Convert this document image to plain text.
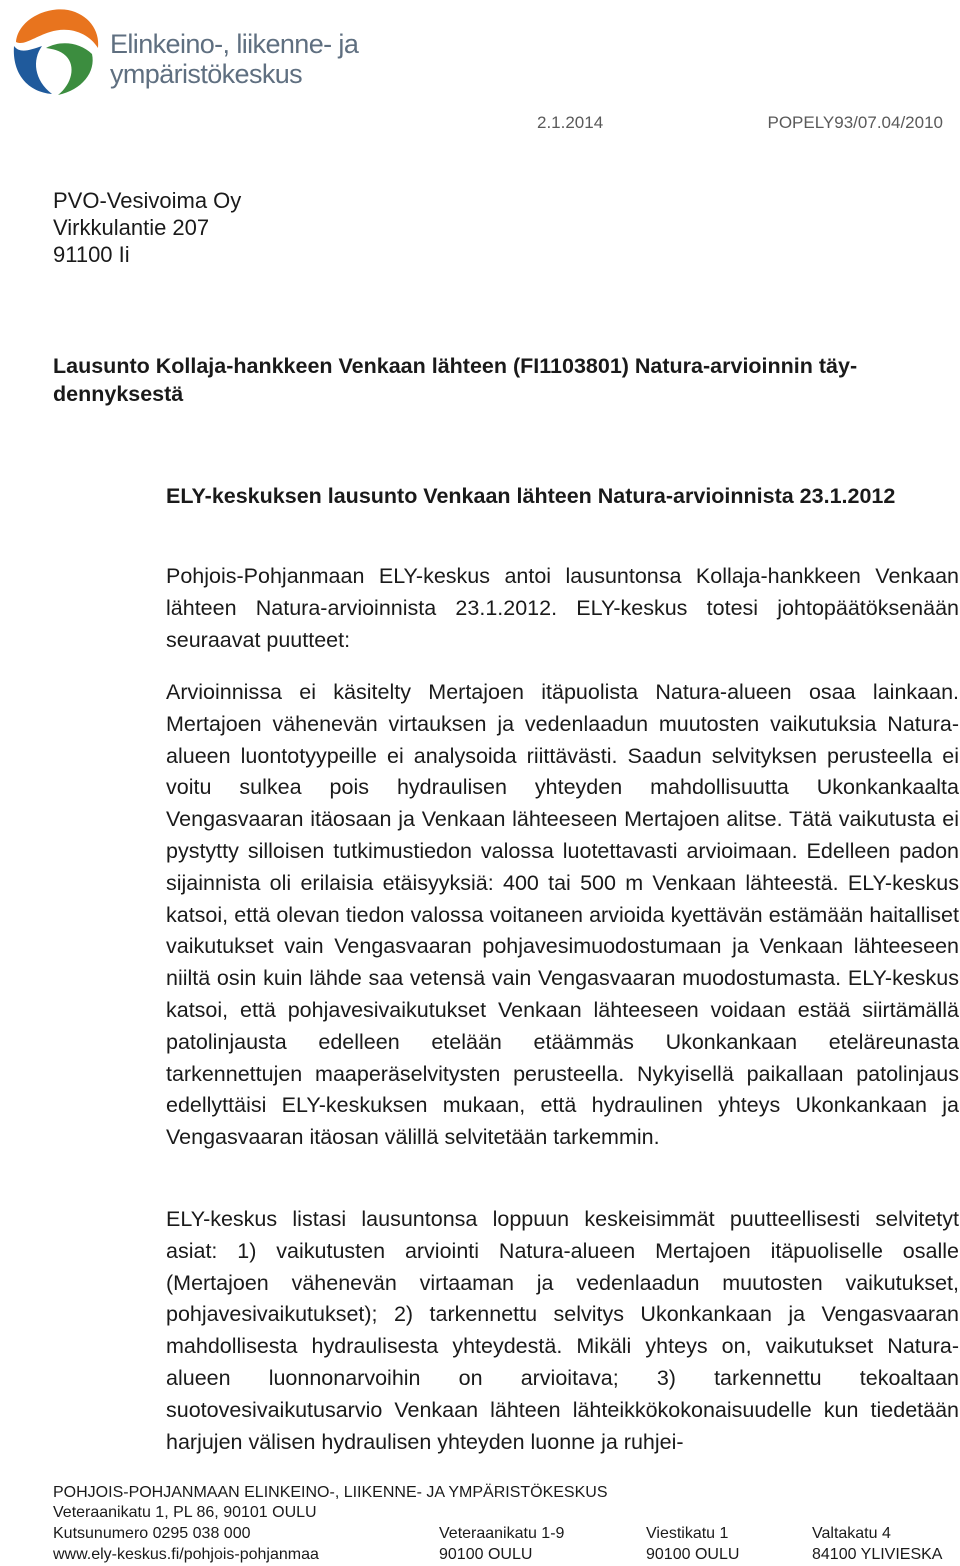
Elinkeino-, liikenne- ja
ympäristökeskus
2.1.2014	POPELY93/07.04/2010
PVO-Vesivoima Oy
Virkkulantie 207
91100 Ii
Lausunto Kollaja-hankkeen Venkaan lähteen (FI1103801) Natura-arvioinnin täydennyksestä
ELY-keskuksen lausunto Venkaan lähteen Natura-arvioinnista 23.1.2012

Pohjois-Pohjanmaan ELY-keskus antoi lausuntonsa Kollaja-hankkeen Venkaan lähteen Natura-arvioinnista 23.1.2012. ELY-keskus totesi johtopäätöksenään seuraavat puutteet:

Arvioinnissa ei käsitelty Mertajoen itäpuolista Natura-alueen osaa lainkaan. Mertajoen vähenevän virtauksen ja vedenlaadun muutosten vaikutuksia Natura-alueen luontotyypeille ei analysoida riittävästi. Saadun selvityksen perusteella ei voitu sulkea pois hydraulisen yhteyden mahdollisuutta Ukonkankaalta Vengasvaaran itäosaan ja Venkaan lähteeseen Mertajoen alitse. Tätä vaikutusta ei pystytty silloisen tutkimustiedon valossa luotettavasti arvioimaan. Edelleen padon sijainnista oli erilaisia etäisyyksiä: 400 tai 500 m Venkaan lähteestä. ELY-keskus katsoi, että olevan tiedon valossa voitaneen arvioida kyettävän estämään haitalliset vaikutukset vain Vengasvaaran pohjavesimuodostumaan ja Venkaan lähteeseen niiltä osin kuin lähde saa vetensä vain Vengasvaaran muodostumasta. ELY-keskus katsoi, että pohjavesivaikutukset Venkaan lähteeseen voidaan estää siirtämällä patolinjausta edelleen etelään etäämmäs Ukonkankaan eteläreunasta tarkennettujen maaperäselvitysten perusteella. Nykyisellä paikallaan patolinjaus edellyttäisi ELY-keskuksen mukaan, että hydraulinen yhteys Ukonkankaan ja Vengasvaaran itäosan välillä selvitetään tarkemmin.

ELY-keskus listasi lausuntonsa loppuun keskeisimmät puutteellisesti selvitetyt asiat: 1) vaikutusten arviointi Natura-alueen Mertajoen itäpuoliselle osalle (Mertajoen vähenevän virtaaman ja vedenlaadun muutosten vaikutukset, pohjavesivaikutukset); 2) tarkennettu selvitys Ukonkankaan ja Vengasvaaran mahdollisesta hydraulisesta yhteydestä. Mikäli yhteys on, vaikutukset Natura-alueen luonnonarvoihin on arvioitava; 3) tarkennettu tekoaltaan suotovesivaikutusarvio Venkaan lähteen lähteikkökokonaisuudelle kun tiedetään harjujen välisen hydraulisen yhteyden luonne ja ruhjei-

POHJOIS-POHJANMAAN ELINKEINO-, LIIKENNE- JA YMPÄRISTÖKESKUS
Veteraanikatu 1, PL 86, 90101 OULU
Kutsunumero 0295 038 000
www.ely-keskus.fi/pohjois-pohjanmaa
Veteraanikatu 1-9
90100 OULU
Viestikatu 1
90100 OULU
Valtakatu 4
84100 YLIVIESKA
